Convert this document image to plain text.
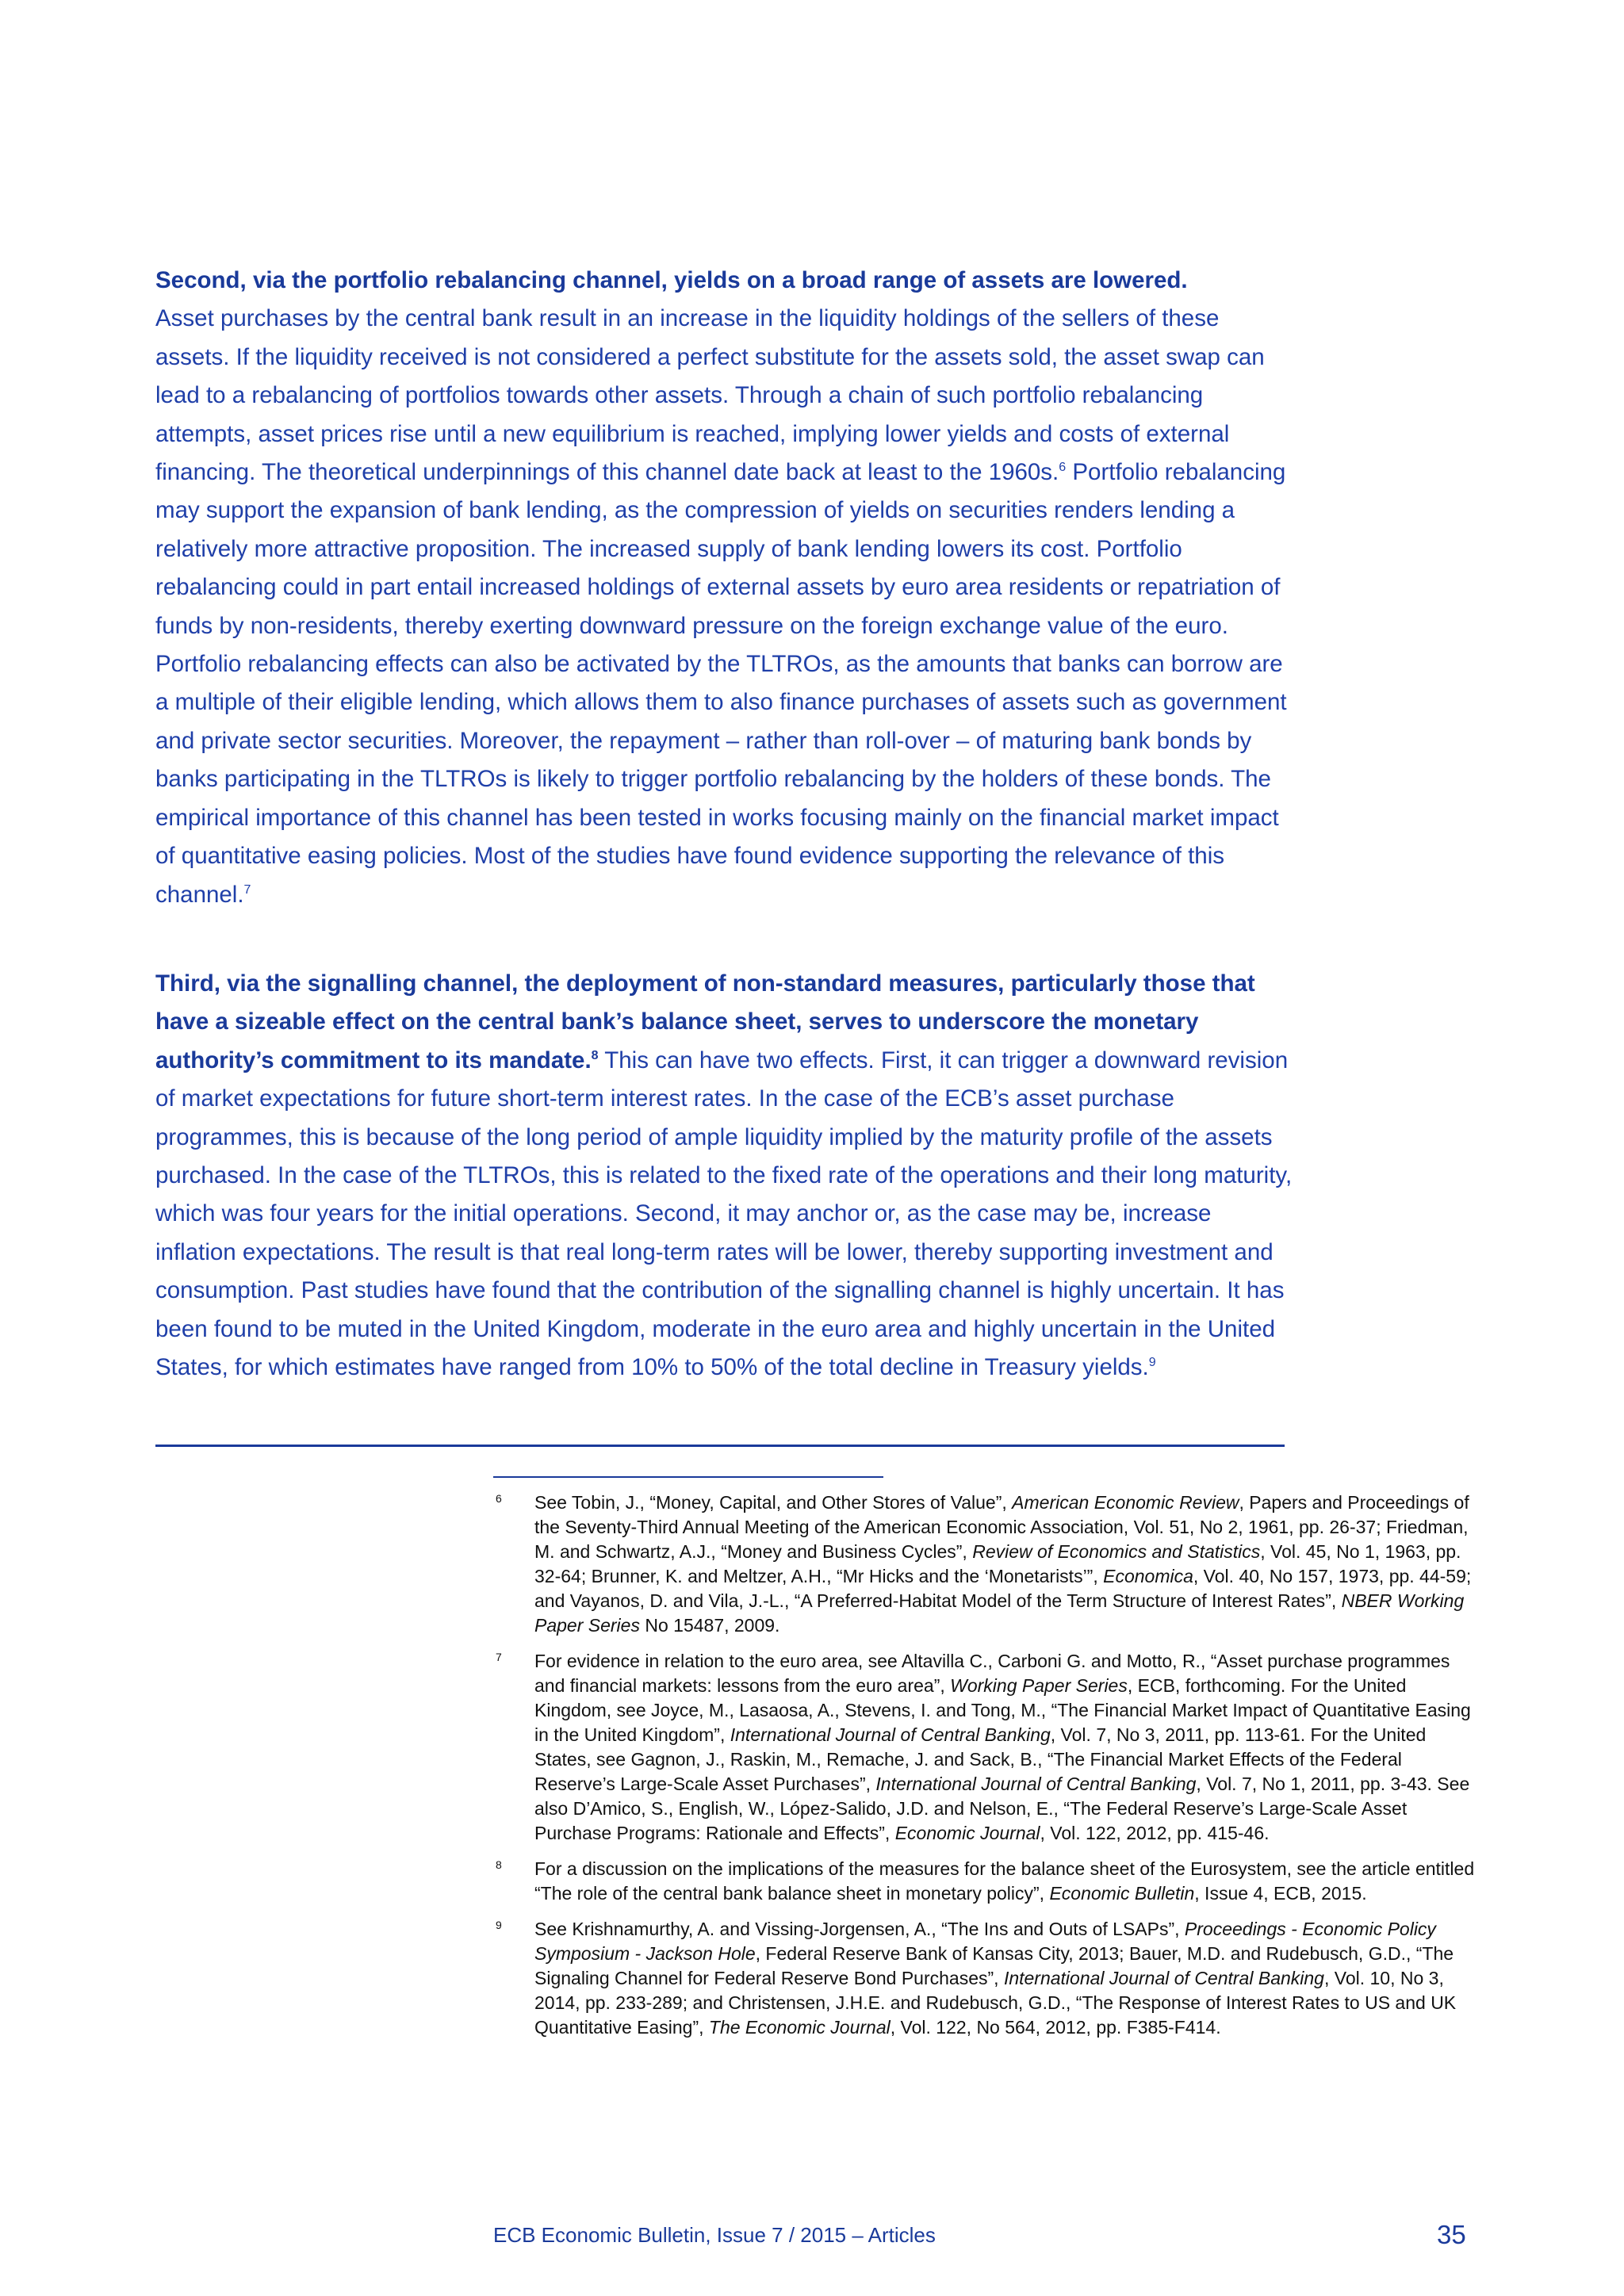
Second, via the portfolio rebalancing channel, yields on a broad range of assets are lowered.
Asset purchases by the central bank result in an increase in the liquidity holdings of the sellers of these assets. If the liquidity received is not considered a perfect substitute for the assets sold, the asset swap can lead to a rebalancing of portfolios towards other assets. Through a chain of such portfolio rebalancing attempts, asset prices rise until a new equilibrium is reached, implying lower yields and costs of external financing. The theoretical underpinnings of this channel date back at least to the 1960s.$^6$ Portfolio rebalancing may support the expansion of bank lending, as the compression of yields on securities renders lending a relatively more attractive proposition. The increased supply of bank lending lowers its cost. Portfolio rebalancing could in part entail increased holdings of external assets by euro area residents or repatriation of funds by non-residents, thereby exerting downward pressure on the foreign exchange value of the euro. Portfolio rebalancing effects can also be activated by the TLTROs, as the amounts that banks can borrow are a multiple of their eligible lending, which allows them to also finance purchases of assets such as government and private sector securities. Moreover, the repayment – rather than roll-over – of maturing bank bonds by banks participating in the TLTROs is likely to trigger portfolio rebalancing by the holders of these bonds. The empirical importance of this channel has been tested in works focusing mainly on the financial market impact of quantitative easing policies. Most of the studies have found evidence supporting the relevance of this channel.$^7$

Third, via the signalling channel, the deployment of non-standard measures, particularly those that have a sizeable effect on the central bank’s balance sheet, serves to underscore the monetary authority’s commitment to its mandate.$^8$ This can have two effects. First, it can trigger a downward revision of market expectations for future short-term interest rates. In the case of the ECB’s asset purchase programmes, this is because of the long period of ample liquidity implied by the maturity profile of the assets purchased. In the case of the TLTROs, this is related to the fixed rate of the operations and their long maturity, which was four years for the initial operations. Second, it may anchor or, as the case may be, increase inflation expectations. The result is that real long-term rates will be lower, thereby supporting investment and consumption. Past studies have found that the contribution of the signalling channel is highly uncertain. It has been found to be muted in the United Kingdom, moderate in the euro area and highly uncertain in the United States, for which estimates have ranged from 10% to 50% of the total decline in Treasury yields.$^9$

6 See Tobin, J., “Money, Capital, and Other Stores of Value”, American Economic Review, Papers and Proceedings of the Seventy-Third Annual Meeting of the American Economic Association, Vol. 51, No 2, 1961, pp. 26-37; Friedman, M. and Schwartz, A.J., “Money and Business Cycles”, Review of Economics and Statistics, Vol. 45, No 1, 1963, pp. 32-64; Brunner, K. and Meltzer, A.H., “Mr Hicks and the ‘Monetarists’”, Economica, Vol. 40, No 157, 1973, pp. 44-59; and Vayanos, D. and Vila, J.-L., “A Preferred-Habitat Model of the Term Structure of Interest Rates”, NBER Working Paper Series No 15487, 2009.
7 For evidence in relation to the euro area, see Altavilla C., Carboni G. and Motto, R., “Asset purchase programmes and financial markets: lessons from the euro area”, Working Paper Series, ECB, forthcoming. For the United Kingdom, see Joyce, M., Lasaosa, A., Stevens, I. and Tong, M., “The Financial Market Impact of Quantitative Easing in the United Kingdom”, International Journal of Central Banking, Vol. 7, No 3, 2011, pp. 113-61. For the United States, see Gagnon, J., Raskin, M., Remache, J. and Sack, B., “The Financial Market Effects of the Federal Reserve’s Large-Scale Asset Purchases”, International Journal of Central Banking, Vol. 7, No 1, 2011, pp. 3-43. See also D’Amico, S., English, W., López-Salido, J.D. and Nelson, E., “The Federal Reserve’s Large-Scale Asset Purchase Programs: Rationale and Effects”, Economic Journal, Vol. 122, 2012, pp. 415-46.
8 For a discussion on the implications of the measures for the balance sheet of the Eurosystem, see the article entitled “The role of the central bank balance sheet in monetary policy”, Economic Bulletin, Issue 4, ECB, 2015.
9 See Krishnamurthy, A. and Vissing-Jorgensen, A., “The Ins and Outs of LSAPs”, Proceedings - Economic Policy Symposium - Jackson Hole, Federal Reserve Bank of Kansas City, 2013; Bauer, M.D. and Rudebusch, G.D., “The Signaling Channel for Federal Reserve Bond Purchases”, International Journal of Central Banking, Vol. 10, No 3, 2014, pp. 233-289; and Christensen, J.H.E. and Rudebusch, G.D., “The Response of Interest Rates to US and UK Quantitative Easing”, The Economic Journal, Vol. 122, No 564, 2012, pp. F385-F414.
ECB Economic Bulletin, Issue 7 / 2015 – Articles	35
